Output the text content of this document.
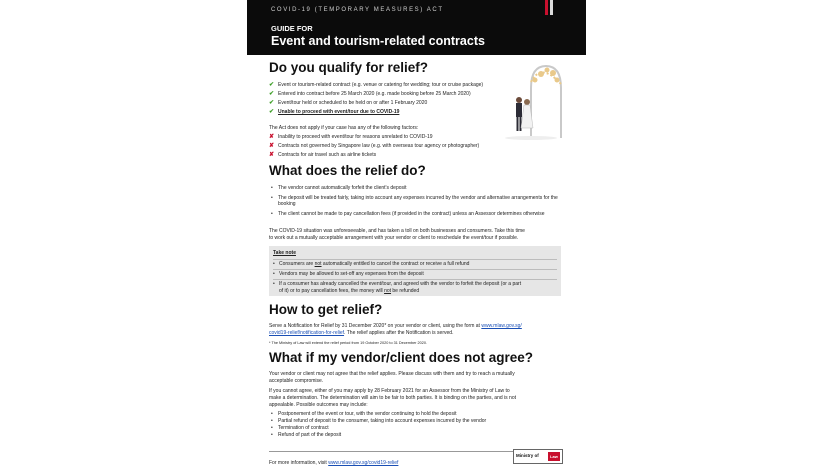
COVID-19 (TEMPORARY MEASURES) ACT
GUIDE FOR
Event and tourism-related contracts
Do you qualify for relief?
✔ Event or tourism-related contract (e.g. venue or catering for wedding; tour or cruise package)
✔ Entered into contract before 25 March 2020 (e.g. made booking before 25 March 2020)
✔ Event/tour held or scheduled to be held on or after 1 February 2020
✔ Unable to proceed with event/tour due to COVID-19
The Act does not apply if your case has any of the following factors:
✘ Inability to proceed with event/tour for reasons unrelated to COVID-19
✘ Contracts not governed by Singapore law (e.g. with overseas tour agency or photographer)
✘ Contracts for air travel such as airline tickets
What does the relief do?
• The vendor cannot automatically forfeit the client's deposit
• The deposit will be treated fairly, taking into account any expenses incurred by the vendor and alternative arrangements for the booking
• The client cannot be made to pay cancellation fees (if provided in the contract) unless an Assessor determines otherwise
The COVID-19 situation was unforeseeable, and has taken a toll on both businesses and consumers. Take this time
to work out a mutually acceptable arrangement with your vendor or client to reschedule the event/tour if possible.
Take note
• Consumers are not automatically entitled to cancel the contract or receive a full refund
• Vendors may be allowed to set-off any expenses from the deposit
• If a consumer has already cancelled the event/tour, and agreed with the vendor to forfeit the deposit (or a part
of it) or to pay cancellation fees, the money will not be refunded
How to get relief?
Serve a Notification for Relief by 31 December 2020* on your vendor or client, using the form at www.mlaw.gov.sg/
covid19-relief/notification-for-relief. The relief applies after the Notification is served.
* The Ministry of Law will extend the relief period from 19 October 2020 to 31 December 2020.
What if my vendor/client does not agree?
Your vendor or client may not agree that the relief applies. Please discuss with them and try to reach a mutually
acceptable compromise.
If you cannot agree, either of you may apply by 28 February 2021 for an Assessor from the Ministry of Law to
make a determination. The determination will aim to be fair to both parties. It is binding on the parties, and is not
appealable. Possible outcomes may include:
• Postponement of the event or tour, with the vendor continuing to hold the deposit
• Partial refund of deposit to the consumer, taking into account expenses incurred by the vendor
• Termination of contract
• Refund of part of the deposit
For more information, visit www.mlaw.gov.sg/covid19-relief
Ministry of	Law
